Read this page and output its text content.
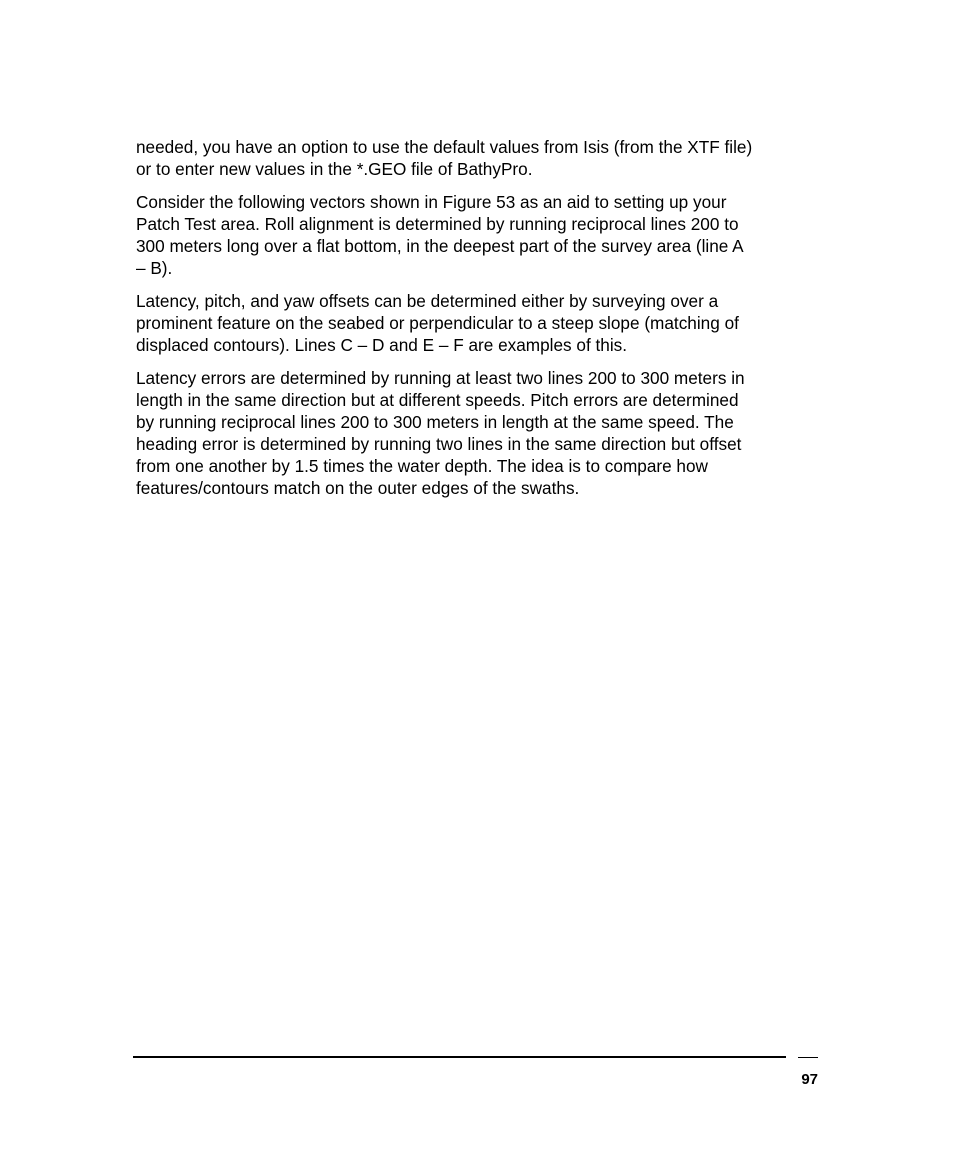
needed, you have an option to use the default values from Isis (from the XTF file)
or to enter new values in the *.GEO file of BathyPro.

Consider the following vectors shown in Figure 53 as an aid to setting up your
Patch Test area. Roll alignment is determined by running reciprocal lines 200 to
300 meters long over a flat bottom, in the deepest part of the survey area (line A
– B).

Latency, pitch, and yaw offsets can be determined either by surveying over a
prominent feature on the seabed or perpendicular to a steep slope (matching of
displaced contours). Lines C – D and E – F are examples of this.

Latency errors are determined by running at least two lines 200 to 300 meters in
length in the same direction but at different speeds. Pitch errors are determined
by running reciprocal lines 200 to 300 meters in length at the same speed. The
heading error is determined by running two lines in the same direction but offset
from one another by 1.5 times the water depth. The idea is to compare how
features/contours match on the outer edges of the swaths.

97
